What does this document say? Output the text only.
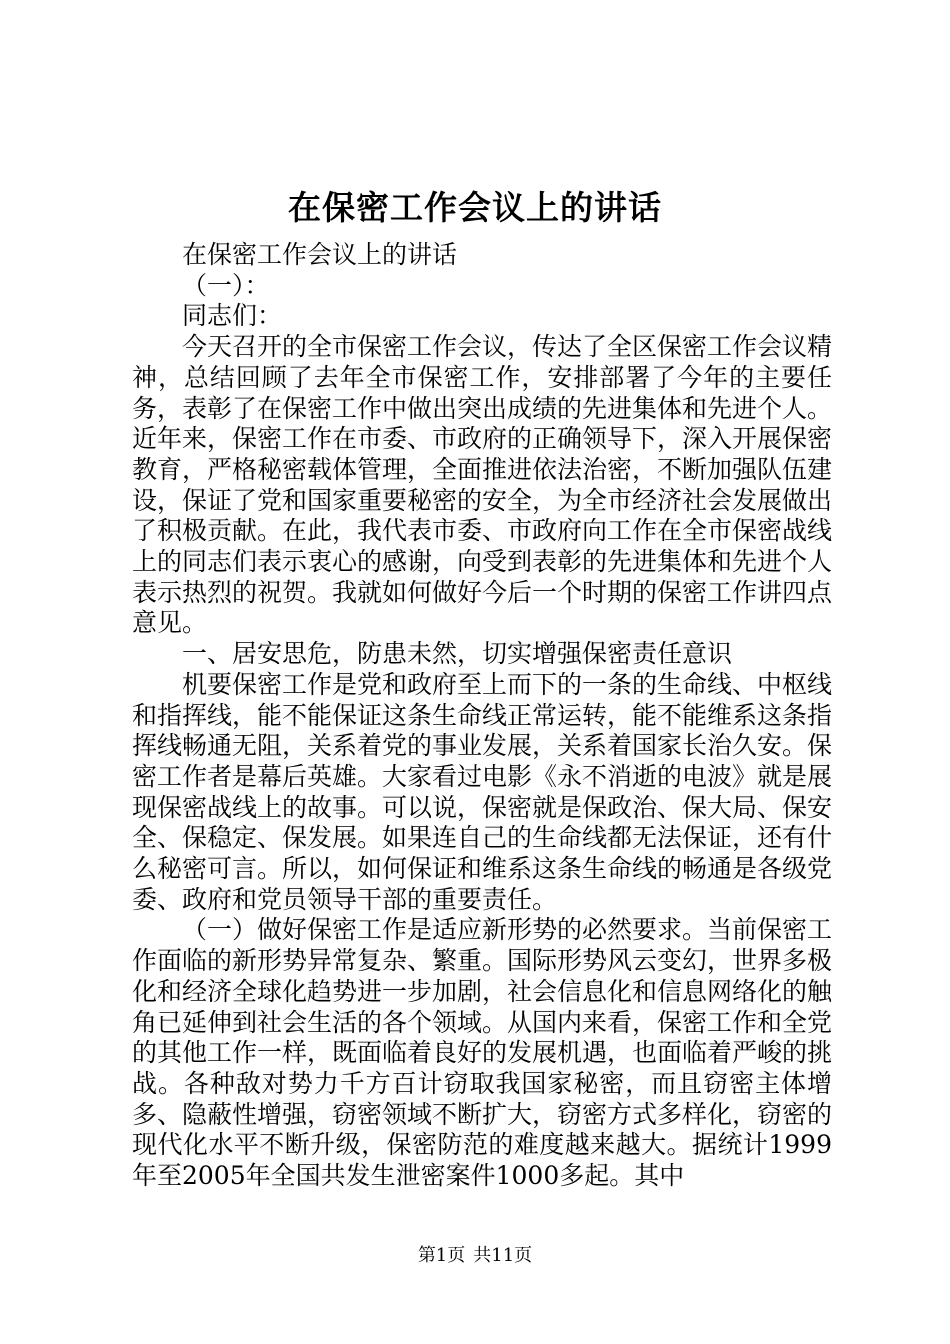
在保密工作会议上的讲话

在保密工作会议上的讲话

（一）：

同志们：

今天召开的全市保密工作会议，传达了全区保密工作会议精神，总结回顾了去年全市保密工作，安排部署了今年的主要任务，表彰了在保密工作中做出突出成绩的先进集体和先进个人。近年来，保密工作在市委、市政府的正确领导下，深入开展保密教育，严格秘密载体管理，全面推进依法治密，不断加强队伍建设，保证了党和国家重要秘密的安全，为全市经济社会发展做出了积极贡献。在此，我代表市委、市政府向工作在全市保密战线上的同志们表示衷心的感谢，向受到表彰的先进集体和先进个人表示热烈的祝贺。我就如何做好今后一个时期的保密工作讲四点意见。

一、居安思危，防患未然，切实增强保密责任意识

机要保密工作是党和政府至上而下的一条的生命线、中枢线和指挥线，能不能保证这条生命线正常运转，能不能维系这条指挥线畅通无阻，关系着党的事业发展，关系着国家长治久安。保密工作者是幕后英雄。大家看过电影《永不消逝的电波》就是展现保密战线上的故事。可以说，保密就是保政治、保大局、保安全、保稳定、保发展。如果连自己的生命线都无法保证，还有什么秘密可言。所以，如何保证和维系这条生命线的畅通是各级党委、政府和党员领导干部的重要责任。

（一）做好保密工作是适应新形势的必然要求。当前保密工作面临的新形势异常复杂、繁重。国际形势风云变幻，世界多极化和经济全球化趋势进一步加剧，社会信息化和信息网络化的触角已延伸到社会生活的各个领域。从国内来看，保密工作和全党的其他工作一样，既面临着良好的发展机遇，也面临着严峻的挑战。各种敌对势力千方百计窃取我国家秘密，而且窃密主体增多、隐蔽性增强，窃密领域不断扩大，窃密方式多样化，窃密的现代化水平不断升级，保密防范的难度越来越大。据统计1999年至2005年全国共发生泄密案件1000多起。其中

第1页 共11页
